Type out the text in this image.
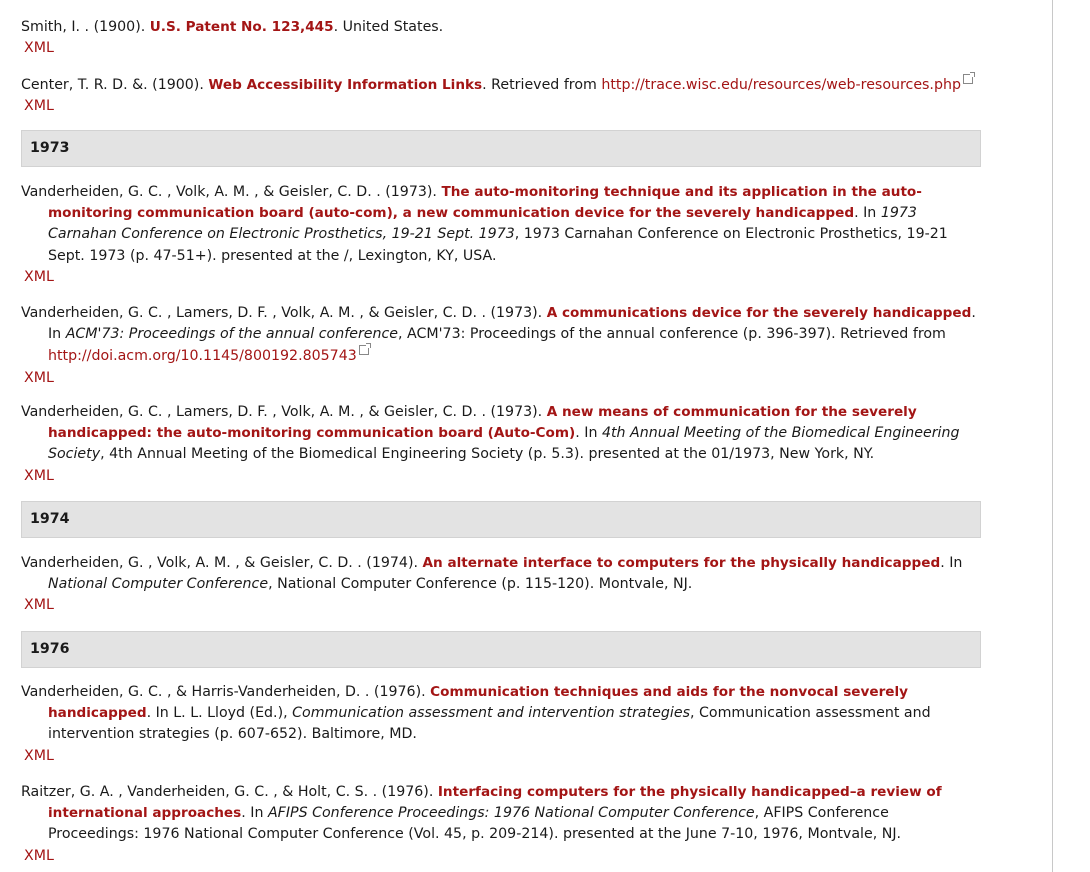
Smith, I. . (1900). U.S. Patent No. 123,445. United States.
XML
Center, T. R. D. &. (1900). Web Accessibility Information Links. Retrieved from http://trace.wisc.edu/resources/web-resources.php
XML
1973
Vanderheiden, G. C. , Volk, A. M. , & Geisler, C. D. . (1973). The auto-monitoring technique and its application in the auto-monitoring communication board (auto-com), a new communication device for the severely handicapped. In 1973 Carnahan Conference on Electronic Prosthetics, 19-21 Sept. 1973, 1973 Carnahan Conference on Electronic Prosthetics, 19-21 Sept. 1973 (p. 47-51+). presented at the /, Lexington, KY, USA.
XML
Vanderheiden, G. C. , Lamers, D. F. , Volk, A. M. , & Geisler, C. D. . (1973). A communications device for the severely handicapped. In ACM'73: Proceedings of the annual conference, ACM'73: Proceedings of the annual conference (p. 396-397). Retrieved from http://doi.acm.org/10.1145/800192.805743
XML
Vanderheiden, G. C. , Lamers, D. F. , Volk, A. M. , & Geisler, C. D. . (1973). A new means of communication for the severely handicapped: the auto-monitoring communication board (Auto-Com). In 4th Annual Meeting of the Biomedical Engineering Society, 4th Annual Meeting of the Biomedical Engineering Society (p. 5.3). presented at the 01/1973, New York, NY.
XML
1974
Vanderheiden, G. , Volk, A. M. , & Geisler, C. D. . (1974). An alternate interface to computers for the physically handicapped. In National Computer Conference, National Computer Conference (p. 115-120). Montvale, NJ.
XML
1976
Vanderheiden, G. C. , & Harris-Vanderheiden, D. . (1976). Communication techniques and aids for the nonvocal severely handicapped. In L. L. Lloyd (Ed.), Communication assessment and intervention strategies, Communication assessment and intervention strategies (p. 607-652). Baltimore, MD.
XML
Raitzer, G. A. , Vanderheiden, G. C. , & Holt, C. S. . (1976). Interfacing computers for the physically handicapped–a review of international approaches. In AFIPS Conference Proceedings: 1976 National Computer Conference, AFIPS Conference Proceedings: 1976 National Computer Conference (Vol. 45, p. 209-214). presented at the June 7-10, 1976, Montvale, NJ.
XML
